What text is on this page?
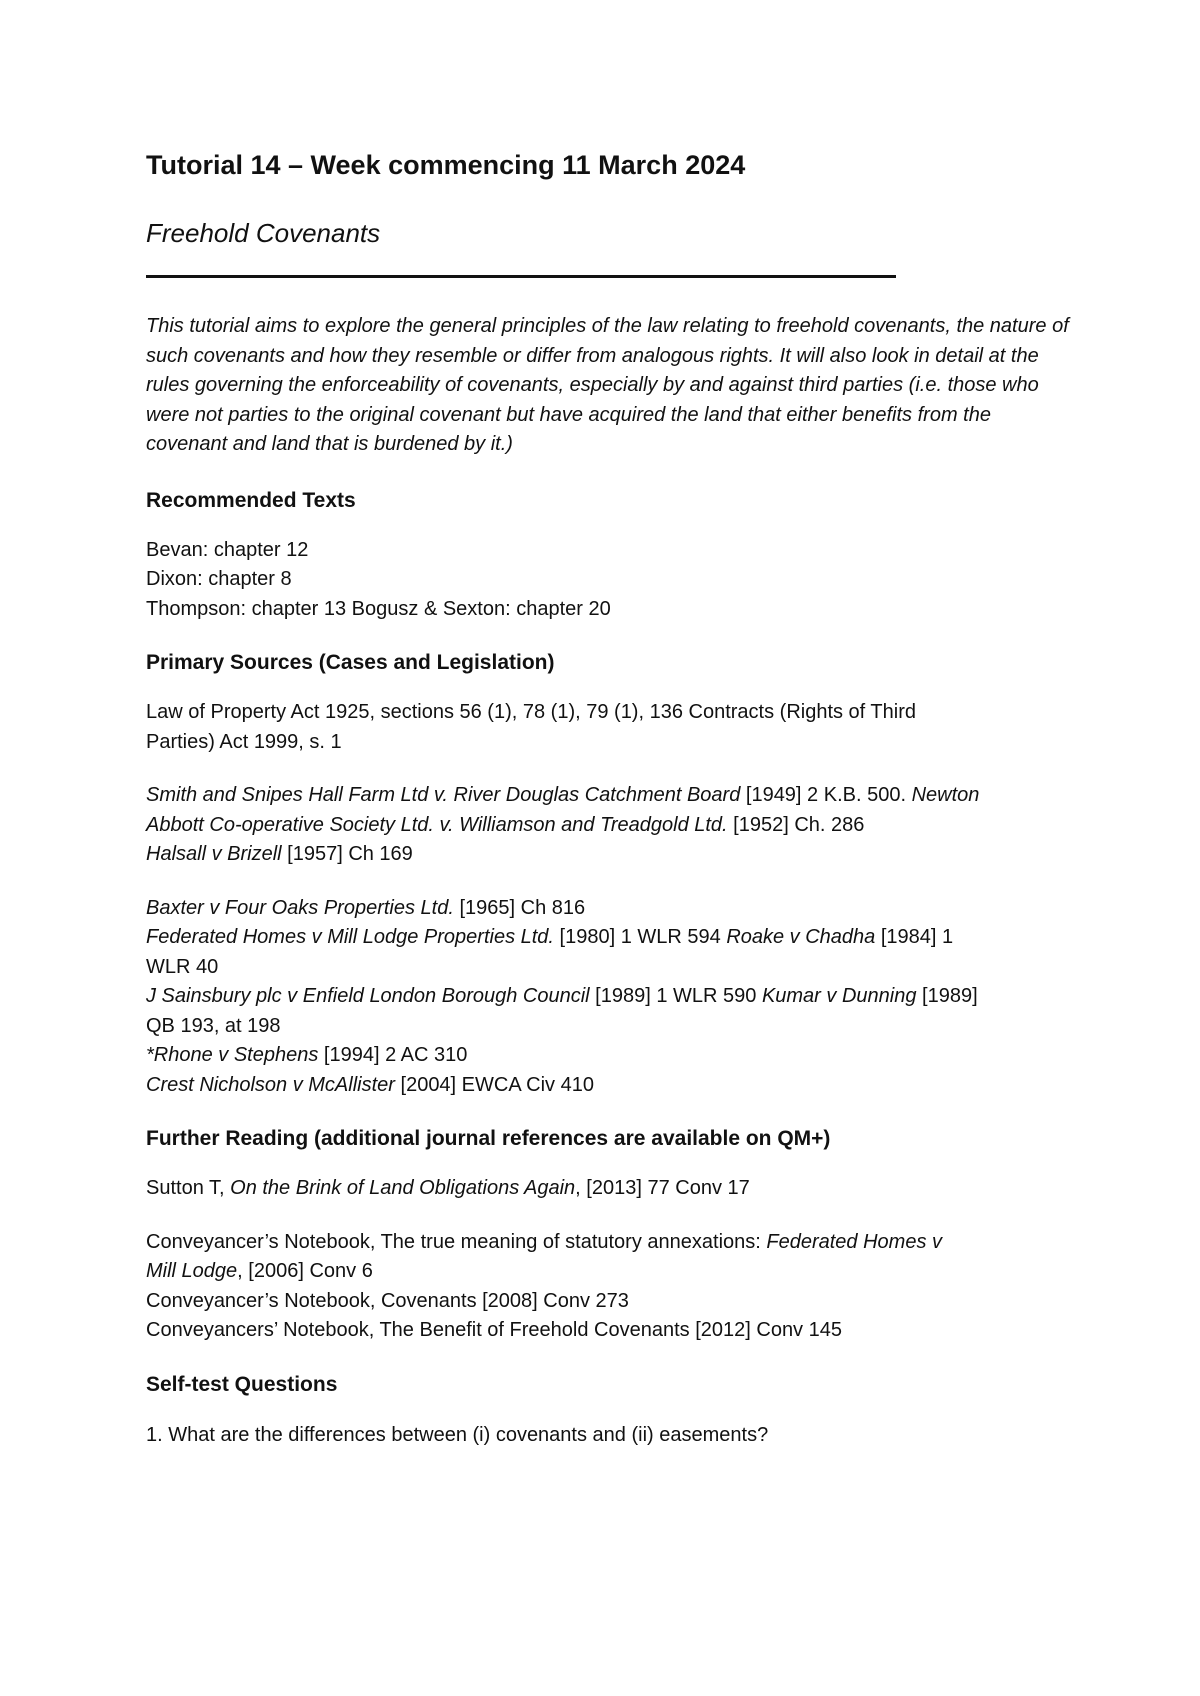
Tutorial 14 – Week commencing 11 March 2024
Freehold Covenants

This tutorial aims to explore the general principles of the law relating to freehold covenants, the nature of such covenants and how they resemble or differ from analogous rights. It will also look in detail at the rules governing the enforceability of covenants, especially by and against third parties (i.e. those who were not parties to the original covenant but have acquired the land that either benefits from the covenant and land that is burdened by it.)

Recommended Texts
Bevan: chapter 12
Dixon: chapter 8
Thompson: chapter 13 Bogusz & Sexton: chapter 20
Primary Sources (Cases and Legislation)
Law of Property Act 1925, sections 56 (1), 78 (1), 79 (1), 136 Contracts (Rights of Third
Parties) Act 1999, s. 1
Smith and Snipes Hall Farm Ltd v. River Douglas Catchment Board [1949] 2 K.B. 500. Newton
Abbott Co-operative Society Ltd. v. Williamson and Treadgold Ltd. [1952] Ch. 286
Halsall v Brizell [1957] Ch 169
Baxter v Four Oaks Properties Ltd. [1965] Ch 816
Federated Homes v Mill Lodge Properties Ltd. [1980] 1 WLR 594 Roake v Chadha [1984] 1
WLR 40
J Sainsbury plc v Enfield London Borough Council [1989] 1 WLR 590 Kumar v Dunning [1989]
QB 193, at 198
*Rhone v Stephens [1994] 2 AC 310
Crest Nicholson v McAllister [2004] EWCA Civ 410
Further Reading (additional journal references are available on QM+)
Sutton T, On the Brink of Land Obligations Again, [2013] 77 Conv 17
Conveyancer’s Notebook, The true meaning of statutory annexations: Federated Homes v
Mill Lodge, [2006] Conv 6
Conveyancer’s Notebook, Covenants [2008] Conv 273
Conveyancers’ Notebook, The Benefit of Freehold Covenants [2012] Conv 145
Self-test Questions
1. What are the differences between (i) covenants and (ii) easements?
